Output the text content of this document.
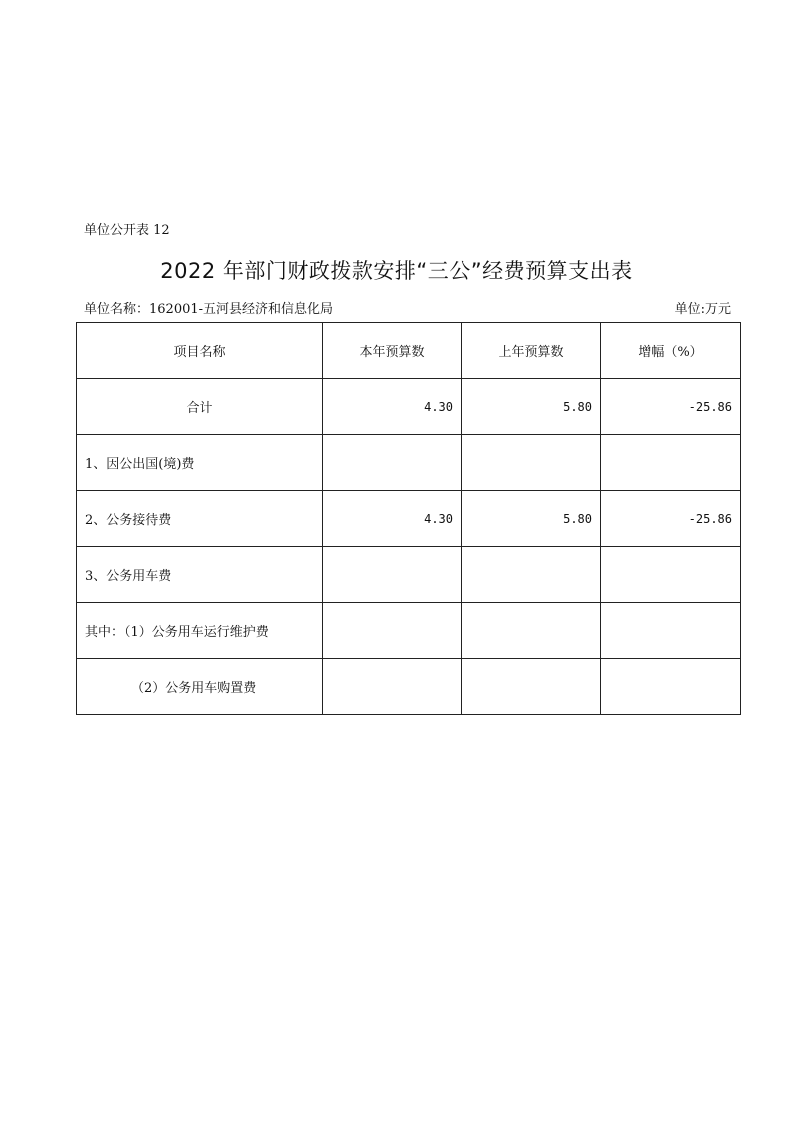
单位公开表 12
2022 年部门财政拨款安排“三公”经费预算支出表
单位名称：162001-五河县经济和信息化局	单位:万元
项目名称	本年预算数	上年预算数	增幅（%）
合计	4.30	5.80	-25.86
1、因公出国(境)费			
2、公务接待费	4.30	5.80	-25.86
3、公务用车费			
其中：（1）公务用车运行维护费			
（2）公务用车购置费			
